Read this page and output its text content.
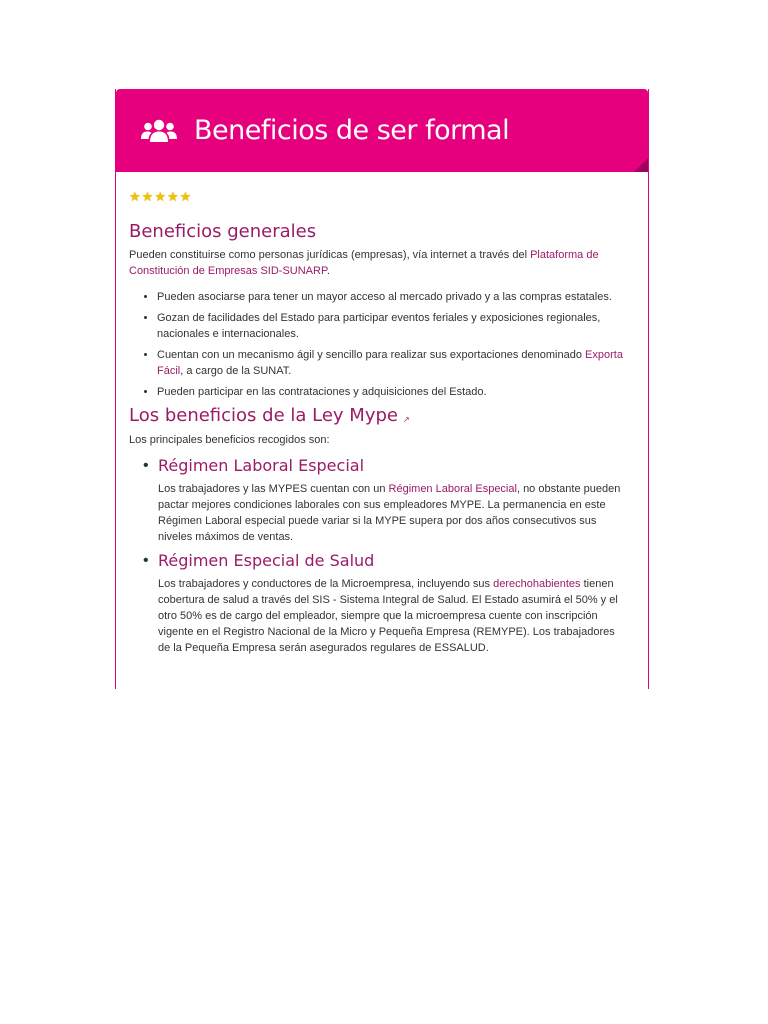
Beneficios de ser formal
★ ★ ★ ★ ★
Beneficios generales

Pueden constituirse como personas jurídicas (empresas), vía internet a través del Plataforma de Constitución de Empresas SID-SUNARP.

• Pueden asociarse para tener un mayor acceso al mercado privado y a las compras estatales.
• Gozan de facilidades del Estado para participar eventos feriales y exposiciones regionales, nacionales e internacionales.
• Cuentan con un mecanismo ágil y sencillo para realizar sus exportaciones denominado Exporta Fácil, a cargo de la SUNAT.
• Pueden participar en las contrataciones y adquisiciones del Estado.
Los beneficios de la Ley Mype ↗

Los principales beneficios recogidos son:

• Régimen Laboral Especial

Los trabajadores y las MYPES cuentan con un Régimen Laboral Especial, no obstante pueden pactar mejores condiciones laborales con sus empleadores MYPE. La permanencia en este Régimen Laboral especial puede variar si la MYPE supera por dos años consecutivos sus niveles máximos de ventas.

• Régimen Especial de Salud

Los trabajadores y conductores de la Microempresa, incluyendo sus derechohabientes tienen cobertura de salud a través del SIS - Sistema Integral de Salud. El Estado asumirá el 50% y el otro 50% es de cargo del empleador, siempre que la microempresa cuente con inscripción vigente en el Registro Nacional de la Micro y Pequeña Empresa (REMYPE). Los trabajadores de la Pequeña Empresa serán asegurados regulares de ESSALUD.
